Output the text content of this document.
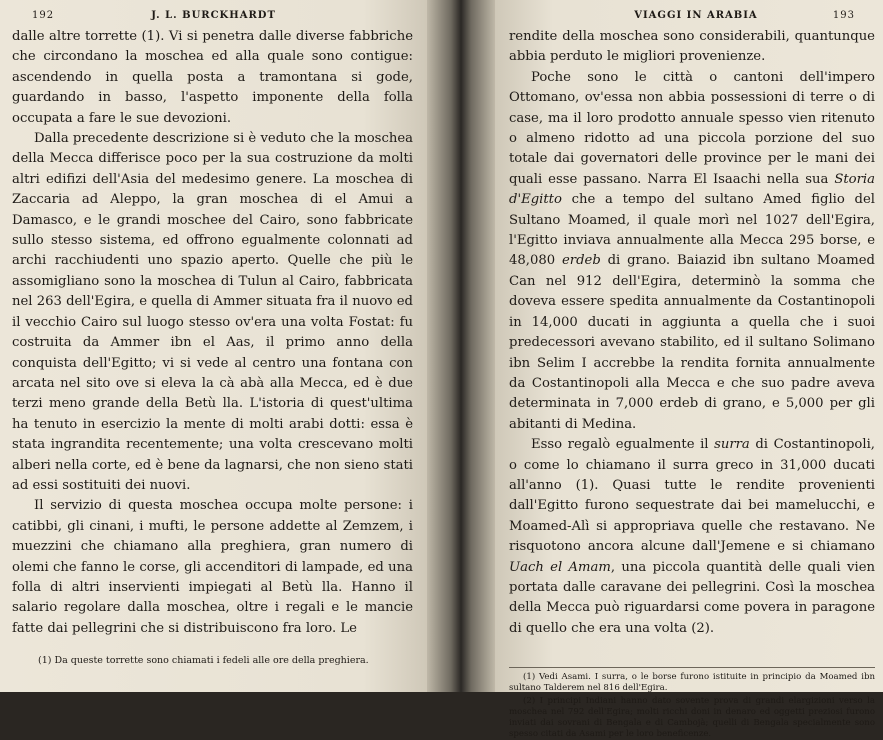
192	J. L. BURCKHARDT

dalle altre torrette (1). Vi si penetra dalle diverse fabbriche che circondano la moschea ed alla quale sono contigue: ascendendo in quella posta a tramontana si gode, guardando in basso, l'aspetto imponente della folla occupata a fare le sue devozioni.

Dalla precedente descrizione si è veduto che la moschea della Mecca differisce poco per la sua costruzione da molti altri edifizi dell'Asia del medesimo genere. La moschea di Zaccaria ad Aleppo, la gran moschea di el Amui a Damasco, e le grandi moschee del Cairo, sono fabbricate sullo stesso sistema, ed offrono egualmente colonnati ad archi racchiudenti uno spazio aperto. Quelle che più le assomigliano sono la moschea di Tulun al Cairo, fabbricata nel 263 dell'Egira, e quella di Ammer situata fra il nuovo ed il vecchio Cairo sul luogo stesso ov'era una volta Fostat: fu costruita da Ammer ibn el Aas, il primo anno della conquista dell'Egitto; vi si vede al centro una fontana con arcata nel sito ove si eleva la cà abà alla Mecca, ed è due terzi meno grande della Betù lla. L'istoria di quest'ultima ha tenuto in esercizio la mente di molti arabi dotti: essa è stata ingrandita recentemente; una volta crescevano molti alberi nella corte, ed è bene da lagnarsi, che non sieno stati ad essi sostituiti dei nuovi.

Il servizio di questa moschea occupa molte persone: i catibbi, gli cinani, i mufti, le persone addette al Zemzem, i muezzini che chiamano alla preghiera, gran numero di olemi che fanno le corse, gli accenditori di lampade, ed una folla di altri inservienti impiegati al Betù lla. Hanno il salario regolare dalla moschea, oltre i regali e le mancie fatte dai pellegrini che si distribuiscono fra loro. Le

(1) Da queste torrette sono chiamati i fedeli alle ore della preghiera.
VIAGGI IN ARABIA	193

rendite della moschea sono considerabili, quantunque abbia perduto le migliori provenienze.

Poche sono le città o cantoni dell'impero Ottomano, ov'essa non abbia possessioni di terre o di case, ma il loro prodotto annuale spesso vien ritenuto o almeno ridotto ad una piccola porzione del suo totale dai governatori delle province per le mani dei quali esse passano. Narra El Isaachi nella sua Storia d'Egitto che a tempo del sultano Amed figlio del Sultano Moamed, il quale morì nel 1027 dell'Egira, l'Egitto inviava annualmente alla Mecca 295 borse, e 48,080 erdeb di grano. Baiazid ibn sultano Moamed Can nel 912 dell'Egira, determinò la somma che doveva essere spedita annualmente da Costantinopoli in 14,000 ducati in aggiunta a quella che i suoi predecessori avevano stabilito, ed il sultano Solimano ibn Selim I accrebbe la rendita fornita annualmente da Costantinopoli alla Mecca e che suo padre aveva determinata in 7,000 erdeb di grano, e 5,000 per gli abitanti di Medina.

Esso regalò egualmente il surra di Costantinopoli, o come lo chiamano il surra greco in 31,000 ducati all'anno (1). Quasi tutte le rendite provenienti dall'Egitto furono sequestrate dai bei mamelucchi, e Moamed-Alì si appropriava quelle che restavano. Ne risquotono ancora alcune dall'Jemene e si chiamano Uach el Amam, una piccola quantità delle quali vien portata dalle caravane dei pellegrini. Così la moschea della Mecca può riguardarsi come povera in paragone di quello che era una volta (2).

(1) Vedi Asami. I surra, o le borse furono istituite in principio da Moamed ibn sultano Talderem nel 816 dell'Egira.

(2) I principi Indiani hanno dato sovente prova di grandi elargizioni verso la moschea nel 792 dell'Egira; molti ricchi doni in denaro ed oggetti preziosi furono inviati dai sovrani di Bengala e di Cambojà; quelli di Bengala specialmente sono spesso citati da Asami per le loro beneficenze.
